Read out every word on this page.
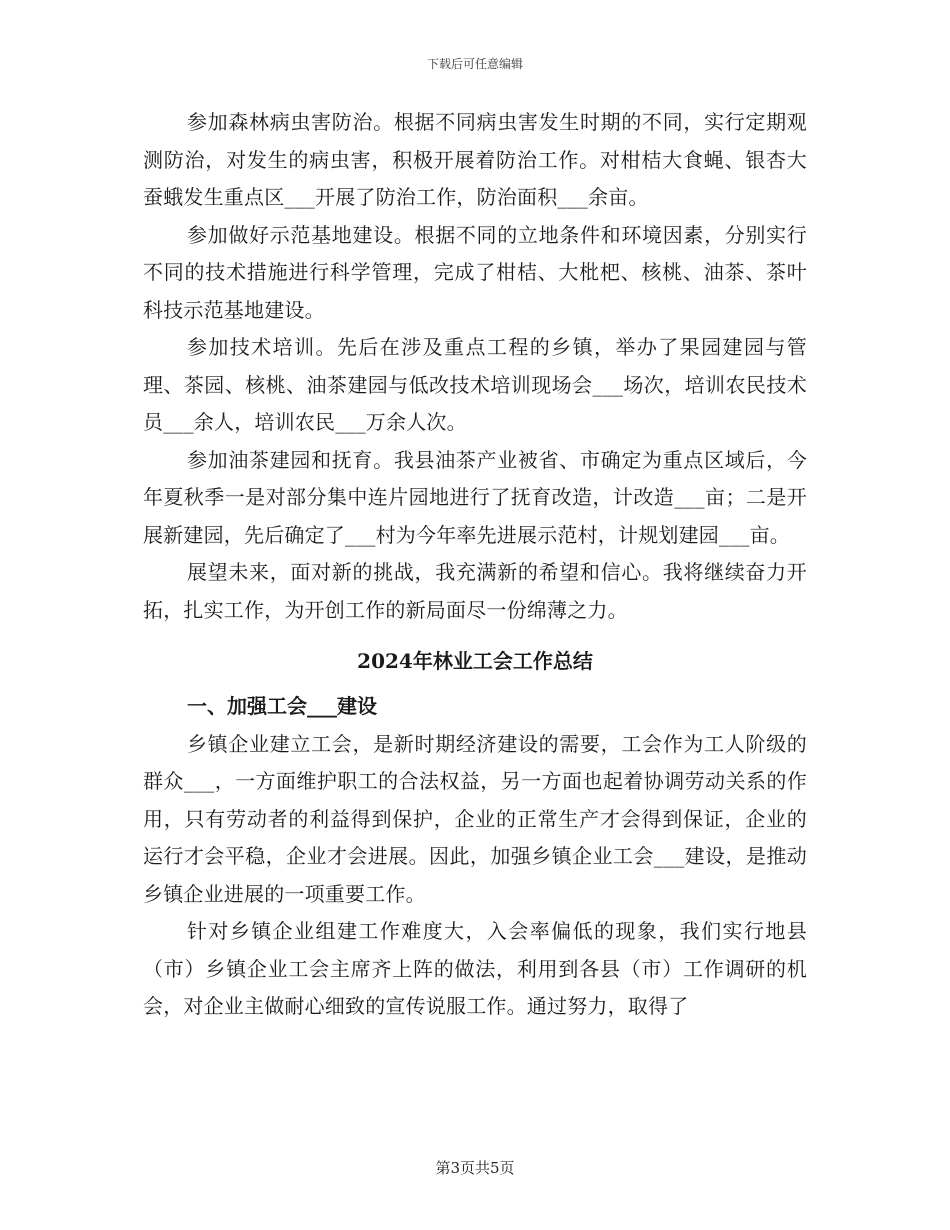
下载后可任意编辑

参加森林病虫害防治。根据不同病虫害发生时期的不同，实行定期观测防治，对发生的病虫害，积极开展着防治工作。对柑桔大食蝇、银杏大蚕蛾发生重点区___开展了防治工作，防治面积___余亩。

参加做好示范基地建设。根据不同的立地条件和环境因素，分别实行不同的技术措施进行科学管理，完成了柑桔、大枇杷、核桃、油茶、茶叶科技示范基地建设。

参加技术培训。先后在涉及重点工程的乡镇，举办了果园建园与管理、茶园、核桃、油茶建园与低改技术培训现场会___场次，培训农民技术员___余人，培训农民___万余人次。

参加油茶建园和抚育。我县油茶产业被省、市确定为重点区域后，今年夏秋季一是对部分集中连片园地进行了抚育改造，计改造___亩；二是开展新建园，先后确定了___村为今年率先进展示范村，计规划建园___亩。

展望未来，面对新的挑战，我充满新的希望和信心。我将继续奋力开拓，扎实工作，为开创工作的新局面尽一份绵薄之力。

2024年林业工会工作总结

一、加强工会___建设

乡镇企业建立工会，是新时期经济建设的需要，工会作为工人阶级的群众___，一方面维护职工的合法权益，另一方面也起着协调劳动关系的作用，只有劳动者的利益得到保护，企业的正常生产才会得到保证，企业的运行才会平稳，企业才会进展。因此，加强乡镇企业工会___建设，是推动乡镇企业进展的一项重要工作。

针对乡镇企业组建工作难度大，入会率偏低的现象，我们实行地县（市）乡镇企业工会主席齐上阵的做法，利用到各县（市）工作调研的机会，对企业主做耐心细致的宣传说服工作。通过努力，取得了

第3页共5页
